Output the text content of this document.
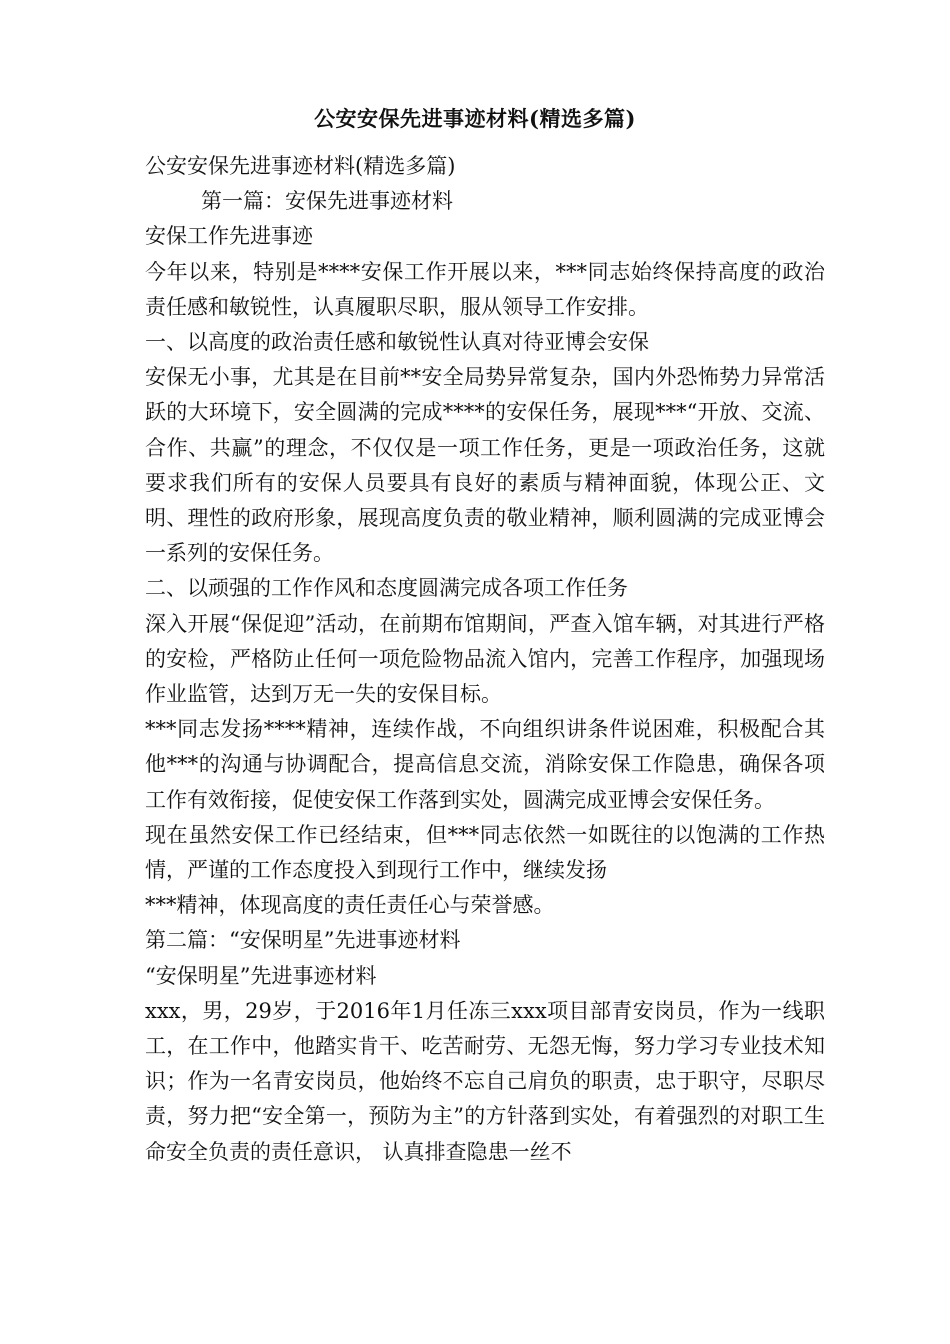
公安安保先进事迹材料(精选多篇)

公安安保先进事迹材料(精选多篇)

第一篇：安保先进事迹材料

安保工作先进事迹

今年以来，特别是****安保工作开展以来，***同志始终保持高度的政治责任感和敏锐性，认真履职尽职，服从领导工作安排。

一、以高度的政治责任感和敏锐性认真对待亚博会安保

安保无小事，尤其是在目前**安全局势异常复杂，国内外恐怖势力异常活跃的大环境下，安全圆满的完成****的安保任务，展现***“开放、交流、合作、共赢”的理念，不仅仅是一项工作任务，更是一项政治任务，这就要求我们所有的安保人员要具有良好的素质与精神面貌，体现公正、文明、理性的政府形象，展现高度负责的敬业精神，顺利圆满的完成亚博会一系列的安保任务。

二、以顽强的工作作风和态度圆满完成各项工作任务

深入开展“保促迎”活动，在前期布馆期间，严查入馆车辆，对其进行严格的安检，严格防止任何一项危险物品流入馆内，完善工作程序，加强现场作业监管，达到万无一失的安保目标。

***同志发扬****精神，连续作战，不向组织讲条件说困难，积极配合其他***的沟通与协调配合，提高信息交流，消除安保工作隐患，确保各项工作有效衔接，促使安保工作落到实处，圆满完成亚博会安保任务。

现在虽然安保工作已经结束，但***同志依然一如既往的以饱满的工作热情，严谨的工作态度投入到现行工作中，继续发扬

***精神，体现高度的责任责任心与荣誉感。

第二篇：“安保明星”先进事迹材料

“安保明星”先进事迹材料

xxx，男，29岁，于2016年1月任冻三xxx项目部青安岗员，作为一线职工，在工作中，他踏实肯干、吃苦耐劳、无怨无悔，努力学习专业技术知识；作为一名青安岗员，他始终不忘自己肩负的职责，忠于职守，尽职尽责，努力把“安全第一，预防为主”的方针落到实处，有着强烈的对职工生命安全负责的责任意识， 认真排查隐患一丝不
